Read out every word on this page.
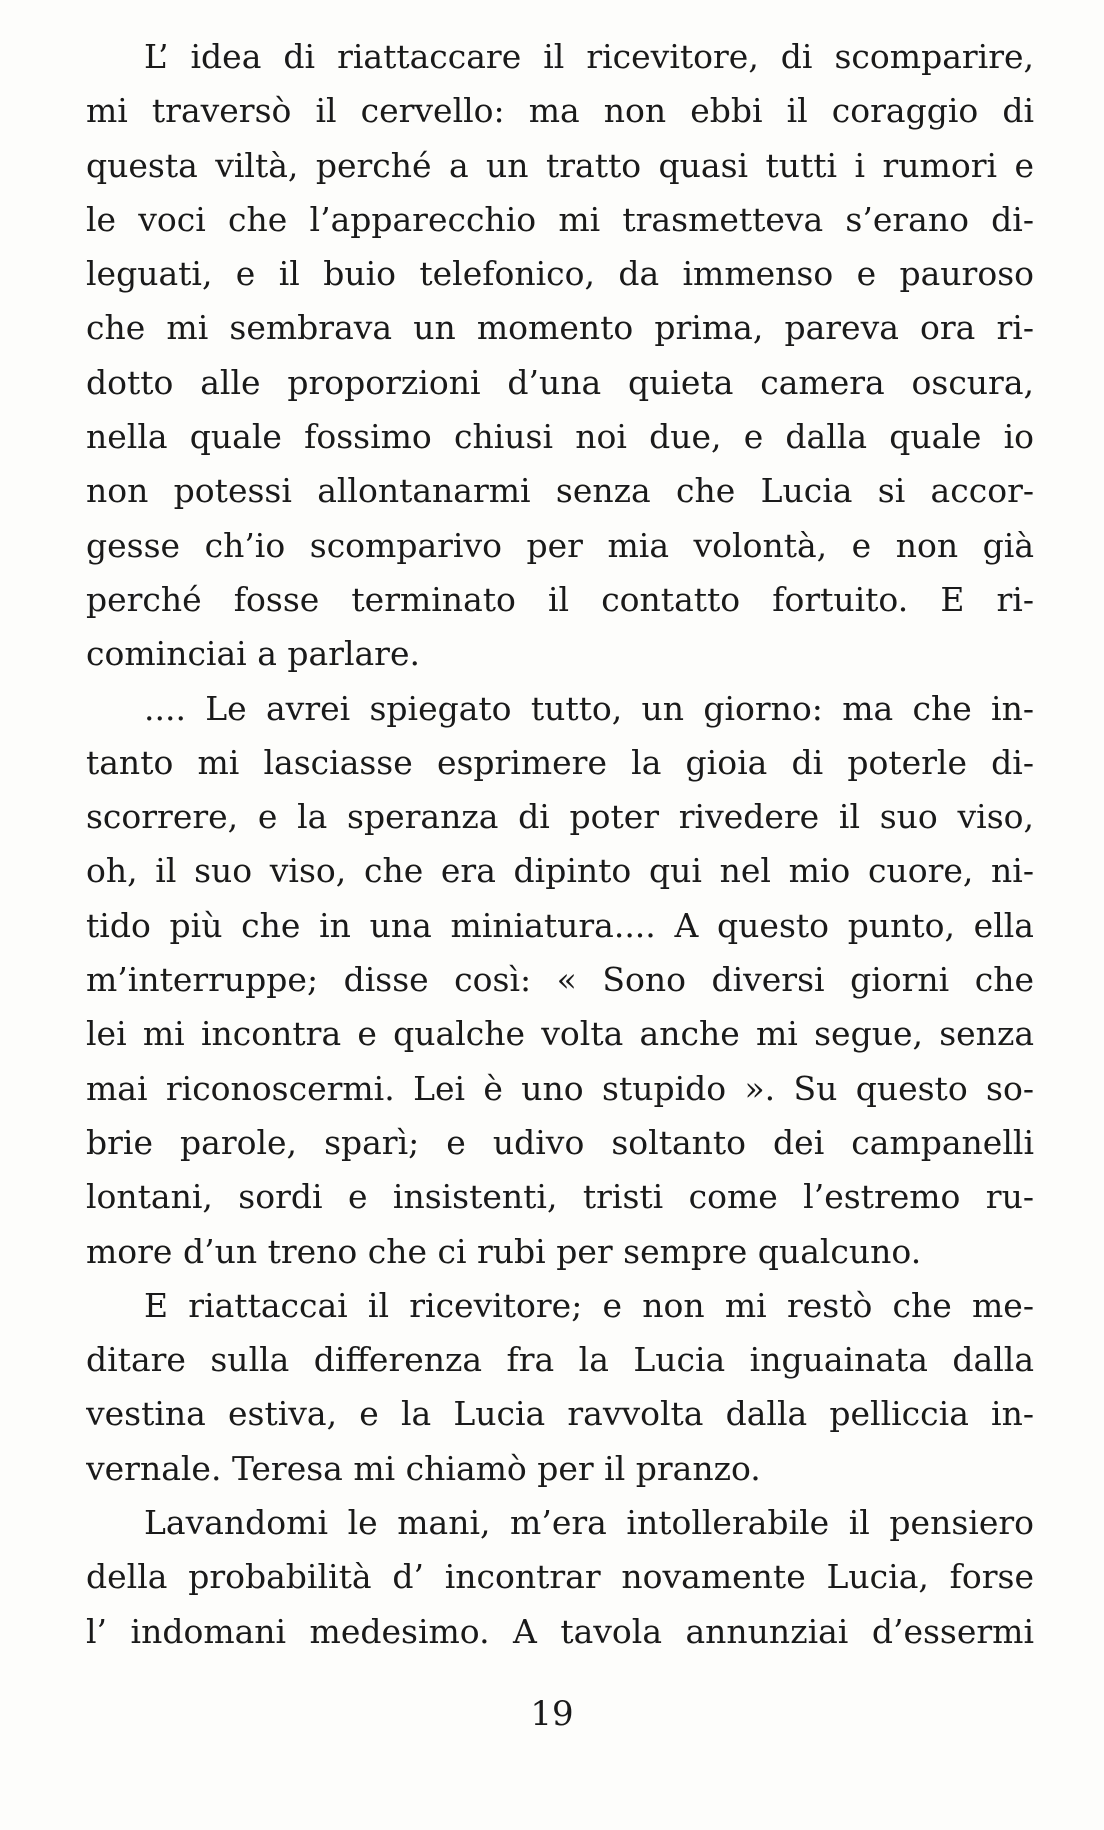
L’ idea di riattaccare il ricevitore, di scomparire,
mi traversò il cervello: ma non ebbi il coraggio di
questa viltà, perché a un tratto quasi tutti i rumori e
le voci che l’apparecchio mi trasmetteva s’erano di-
leguati, e il buio telefonico, da immenso e pauroso
che mi sembrava un momento prima, pareva ora ri-
dotto alle proporzioni d’una quieta camera oscura,
nella quale fossimo chiusi noi due, e dalla quale io
non potessi allontanarmi senza che Lucia si accor-
gesse ch’io scomparivo per mia volontà, e non già
perché fosse terminato il contatto fortuito. E ri-
cominciai a parlare.
.... Le avrei spiegato tutto, un giorno: ma che in-
tanto mi lasciasse esprimere la gioia di poterle di-
scorrere, e la speranza di poter rivedere il suo viso,
oh, il suo viso, che era dipinto qui nel mio cuore, ni-
tido più che in una miniatura.... A questo punto, ella
m’interruppe; disse così: « Sono diversi giorni che
lei mi incontra e qualche volta anche mi segue, senza
mai riconoscermi. Lei è uno stupido ». Su questo so-
brie parole, sparì; e udivo soltanto dei campanelli
lontani, sordi e insistenti, tristi come l’estremo ru-
more d’un treno che ci rubi per sempre qualcuno.
E riattaccai il ricevitore; e non mi restò che me-
ditare sulla differenza fra la Lucia inguainata dalla
vestina estiva, e la Lucia ravvolta dalla pelliccia in-
vernale. Teresa mi chiamò per il pranzo.
Lavandomi le mani, m’era intollerabile il pensiero
della probabilità d’ incontrar novamente Lucia, forse
l’ indomani medesimo. A tavola annunziai d’essermi
19
